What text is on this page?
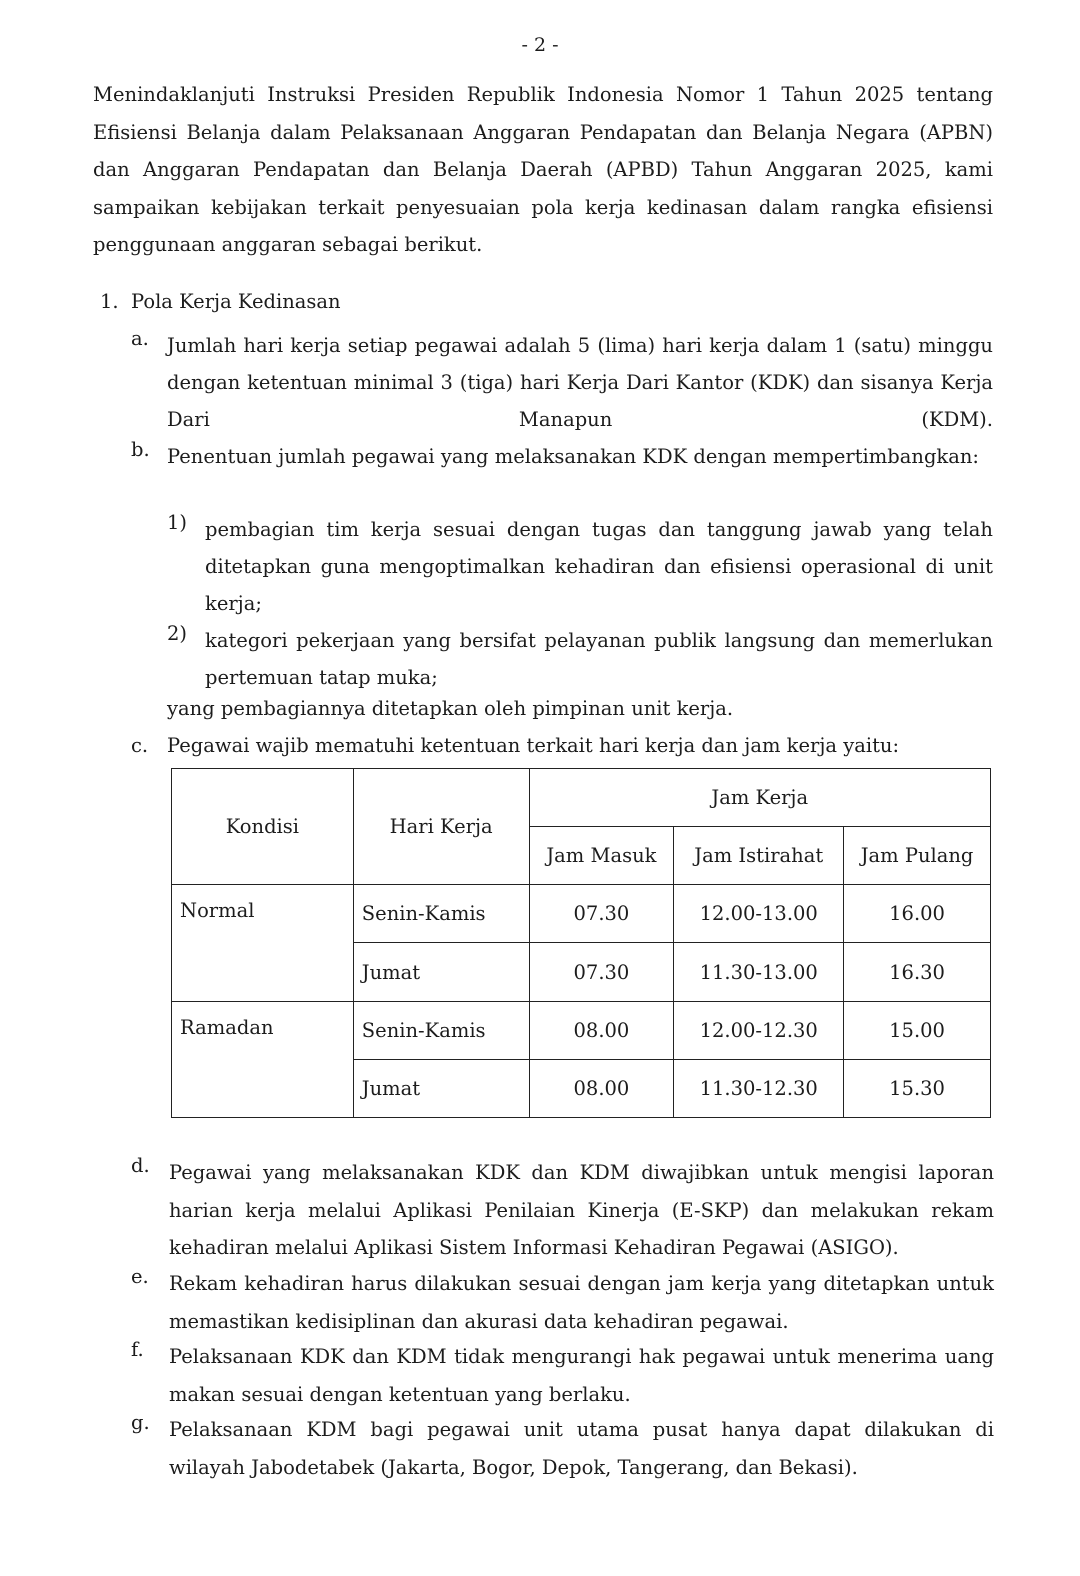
- 2 -
Menindaklanjuti Instruksi Presiden Republik Indonesia Nomor 1 Tahun 2025 tentang Efisiensi Belanja dalam Pelaksanaan Anggaran Pendapatan dan Belanja Negara (APBN) dan Anggaran Pendapatan dan Belanja Daerah (APBD) Tahun Anggaran 2025, kami sampaikan kebijakan terkait penyesuaian pola kerja kedinasan dalam rangka efisiensi penggunaan anggaran sebagai berikut.
1. Pola Kerja Kedinasan
a. Jumlah hari kerja setiap pegawai adalah 5 (lima) hari kerja dalam 1 (satu) minggu dengan ketentuan minimal 3 (tiga) hari Kerja Dari Kantor (KDK) dan sisanya Kerja Dari Manapun (KDM).
b. Penentuan jumlah pegawai yang melaksanakan KDK dengan mempertimbangkan:
1) pembagian tim kerja sesuai dengan tugas dan tanggung jawab yang telah ditetapkan guna mengoptimalkan kehadiran dan efisiensi operasional di unit kerja;
2) kategori pekerjaan yang bersifat pelayanan publik langsung dan memerlukan pertemuan tatap muka;
yang pembagiannya ditetapkan oleh pimpinan unit kerja.
c. Pegawai wajib mematuhi ketentuan terkait hari kerja dan jam kerja yaitu:
Kondisi	Hari Kerja	Jam Kerja		
		Jam Masuk	Jam Istirahat	Jam Pulang
Normal	Senin-Kamis	07.30	12.00-13.00	16.00
	Jumat	07.30	11.30-13.00	16.30
Ramadan	Senin-Kamis	08.00	12.00-12.30	15.00
	Jumat	08.00	11.30-12.30	15.30
d. Pegawai yang melaksanakan KDK dan KDM diwajibkan untuk mengisi laporan harian kerja melalui Aplikasi Penilaian Kinerja (E-SKP) dan melakukan rekam kehadiran melalui Aplikasi Sistem Informasi Kehadiran Pegawai (ASIGO).
e. Rekam kehadiran harus dilakukan sesuai dengan jam kerja yang ditetapkan untuk memastikan kedisiplinan dan akurasi data kehadiran pegawai.
f. Pelaksanaan KDK dan KDM tidak mengurangi hak pegawai untuk menerima uang makan sesuai dengan ketentuan yang berlaku.
g. Pelaksanaan KDM bagi pegawai unit utama pusat hanya dapat dilakukan di wilayah Jabodetabek (Jakarta, Bogor, Depok, Tangerang, dan Bekasi).
